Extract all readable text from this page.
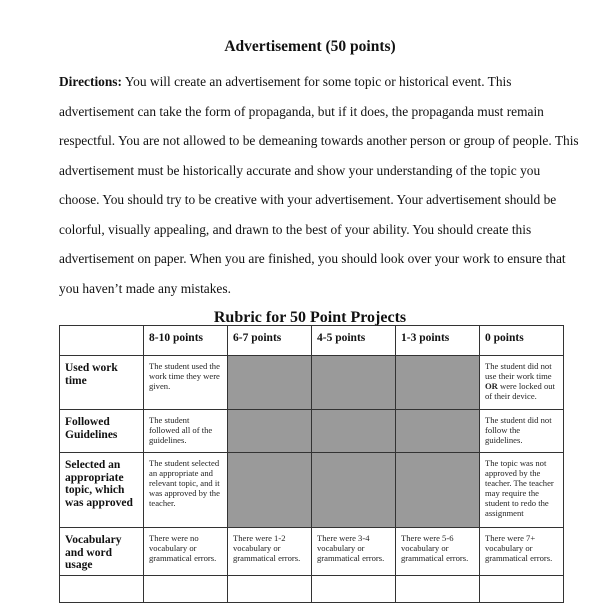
Advertisement (50 points)
Directions: You will create an advertisement for some topic or historical event. This
advertisement can take the form of propaganda, but if it does, the propaganda must remain
respectful. You are not allowed to be demeaning towards another person or group of people. This
advertisement must be historically accurate and show your understanding of the topic you
choose. You should try to be creative with your advertisement. Your advertisement should be
colorful, visually appealing, and drawn to the best of your ability. You should create this
advertisement on paper. When you are finished, you should look over your work to ensure that
you haven’t made any mistakes.
Rubric for 50 Point Projects
	8-10 points	6-7 points	4-5 points	1-3 points	0 points
Used work time	The student used the work time they were given.				The student did not use their work time OR were locked out of their device.
Followed Guidelines	The student followed all of the guidelines.				The student did not follow the guidelines.
Selected an appropriate topic, which was approved	The student selected an appropriate and relevant topic, and it was approved by the teacher.				The topic was not approved by the teacher. The teacher may require the student to redo the assignment
Vocabulary and word usage	There were no vocabulary or grammatical errors.	There were 1-2 vocabulary or grammatical errors.	There were 3-4 vocabulary or grammatical errors.	There were 5-6 vocabulary or grammatical errors.	There were 7+ vocabulary or grammatical errors.
